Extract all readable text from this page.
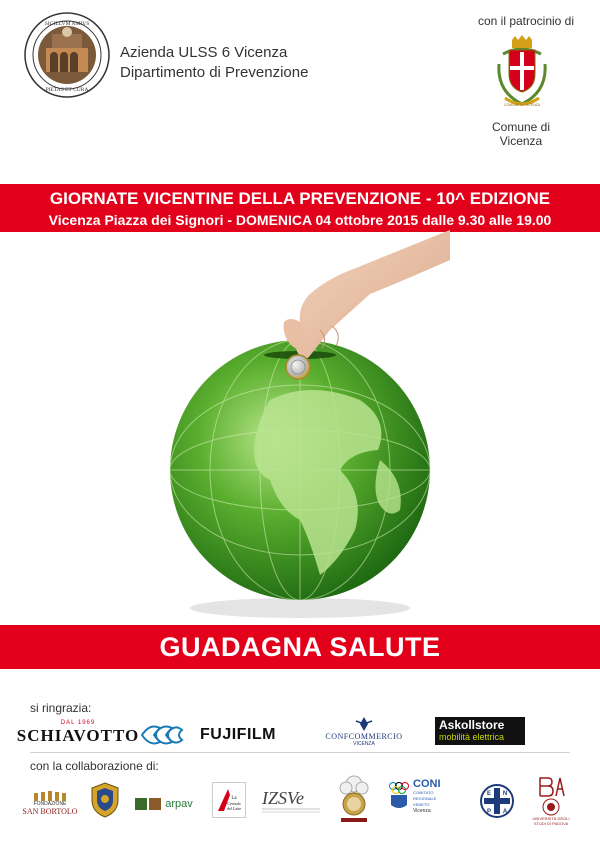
SIGILLVM AMIVS
PIETAS ET CURA
Azienda ULSS 6 Vicenza
Dipartimento di Prevenzione
con il patrocinio di
COMUNE DI VICENZA
Comune di
Vicenza
GIORNATE VICENTINE DELLA PREVENZIONE - 10^ EDIZIONE
Vicenza Piazza dei Signori - DOMENICA 04 ottobre 2015 dalle 9.30 alle 19.00
GUADAGNA SALUTE
si ringrazia:
DAL 1969
SCHIAVOTTO	FUJIFILM	CONFCOMMERCIO
VICENZA
Askollstore
mobilità elettrica
con la collaborazione di:
FONDAZIONE
SAN BORTOLO
arpav	La
Centrale
del Latte
IZSVe
CONI
COMITATO REGIONALE VENETO
Vicenza
E N
P A
UNIVERSITÀ DEGLI STUDI DI PADOVA
